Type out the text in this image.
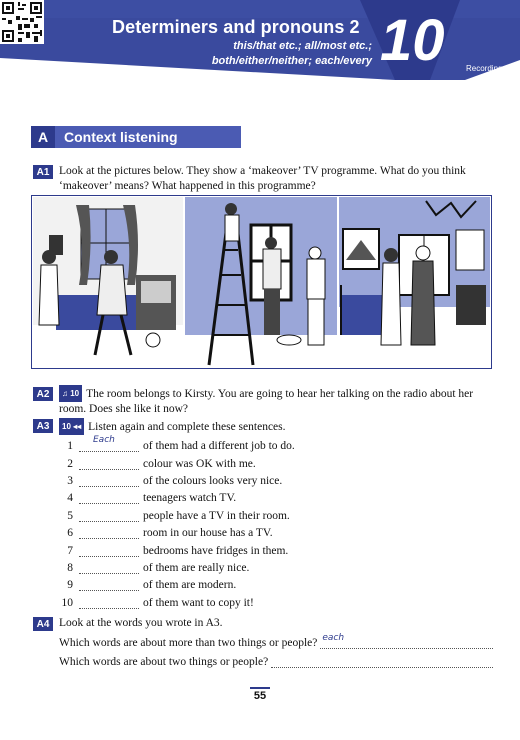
Determiners and pronouns 2
this/that etc.; all/most etc.;
both/either/neither; each/every 10	Recording 10
A	Context listening
A1 Look at the pictures below. They show a ‘makeover’ TV programme. What do you think ‘makeover’ means? What happened in this programme?
A2	♫ 10 The room belongs to Kirsty. You are going to hear her talking on the radio about her room. Does she like it now?
A3	10 ◂◂ Listen again and complete these sentences.
1 Each of them had a different job to do.
2	colour was OK with me.
3	of the colours looks very nice.
4	teenagers watch TV.
5	people have a TV in their room.
6	room in our house has a TV.
7	bedrooms have fridges in them.
8	of them are really nice.
9	of them are modern.
10	of them want to copy it!
A4 Look at the words you wrote in A3.
Which words are about more than two things or people? each
Which words are about two things or people?
55
